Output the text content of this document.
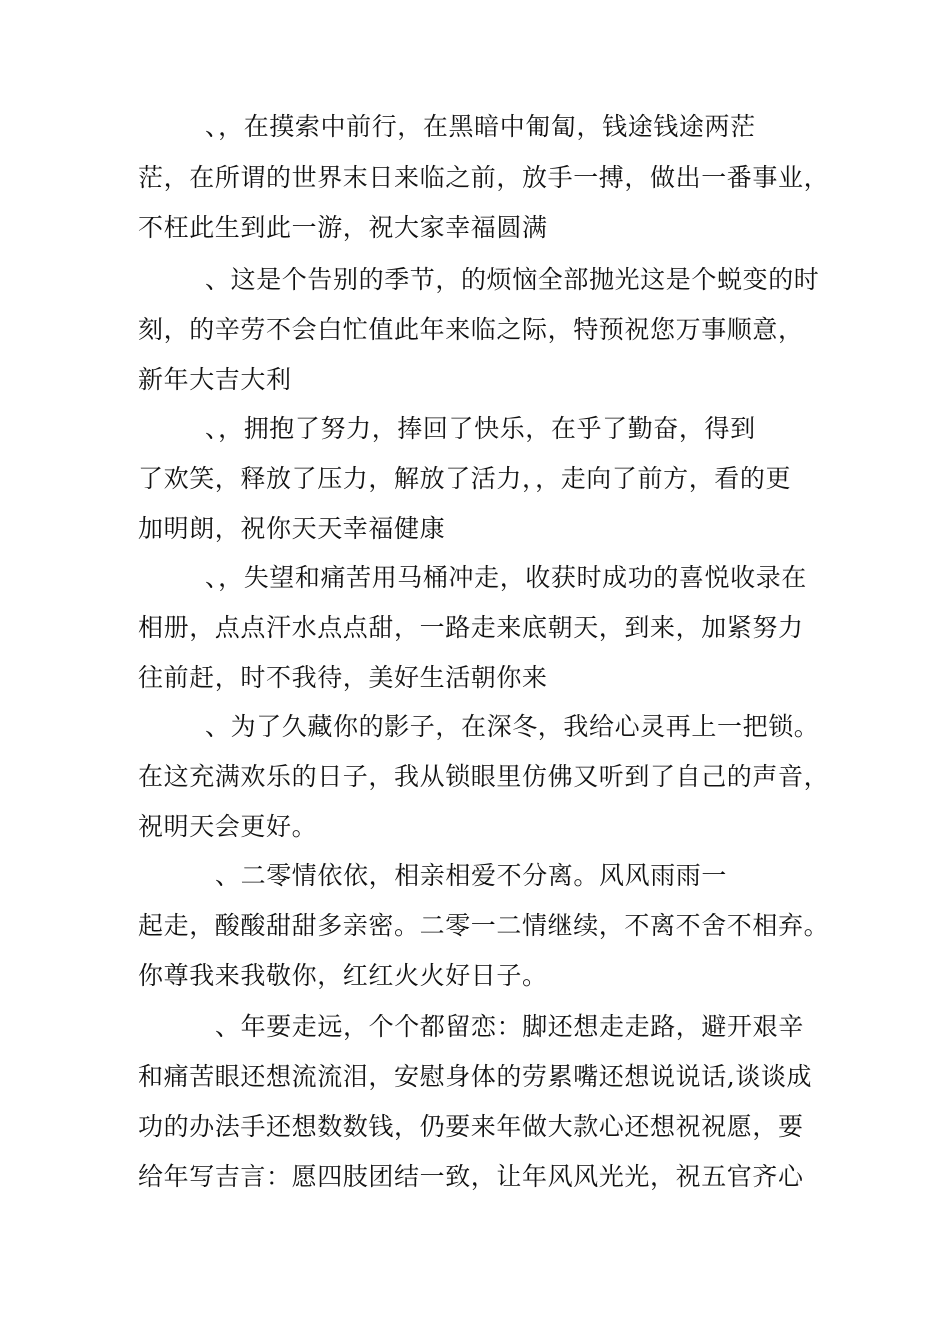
、，在摸索中前行，在黑暗中匍匐，钱途钱途两茫
茫，在所谓的世界末日来临之前，放手一搏，做出一番事业，
不枉此生到此一游，祝大家幸福圆满
、这是个告别的季节，的烦恼全部抛光这是个蜕变的时
刻，的辛劳不会白忙值此年来临之际，特预祝您万事顺意，
新年大吉大利
、，拥抱了努力，捧回了快乐，在乎了勤奋，得到
了欢笑，释放了压力，解放了活力，，走向了前方，看的更
加明朗，祝你天天幸福健康
、，失望和痛苦用马桶冲走，收获时成功的喜悦收录在
相册，点点汗水点点甜，一路走来底朝天，到来，加紧努力
往前赶，时不我待，美好生活朝你来
、为了久藏你的影子，在深冬，我给心灵再上一把锁。
在这充满欢乐的日子，我从锁眼里仿佛又听到了自己的声音，
祝明天会更好。
、二零情依依，相亲相爱不分离。风风雨雨一
起走，酸酸甜甜多亲密。二零一二情继续，不离不舍不相弃。
你尊我来我敬你，红红火火好日子。
、年要走远，个个都留恋：脚还想走走路，避开艰辛
和痛苦眼还想流流泪，安慰身体的劳累嘴还想说说话,谈谈成
功的办法手还想数数钱，仍要来年做大款心还想祝祝愿，要
给年写吉言：愿四肢团结一致，让年风风光光，祝五官齐心
